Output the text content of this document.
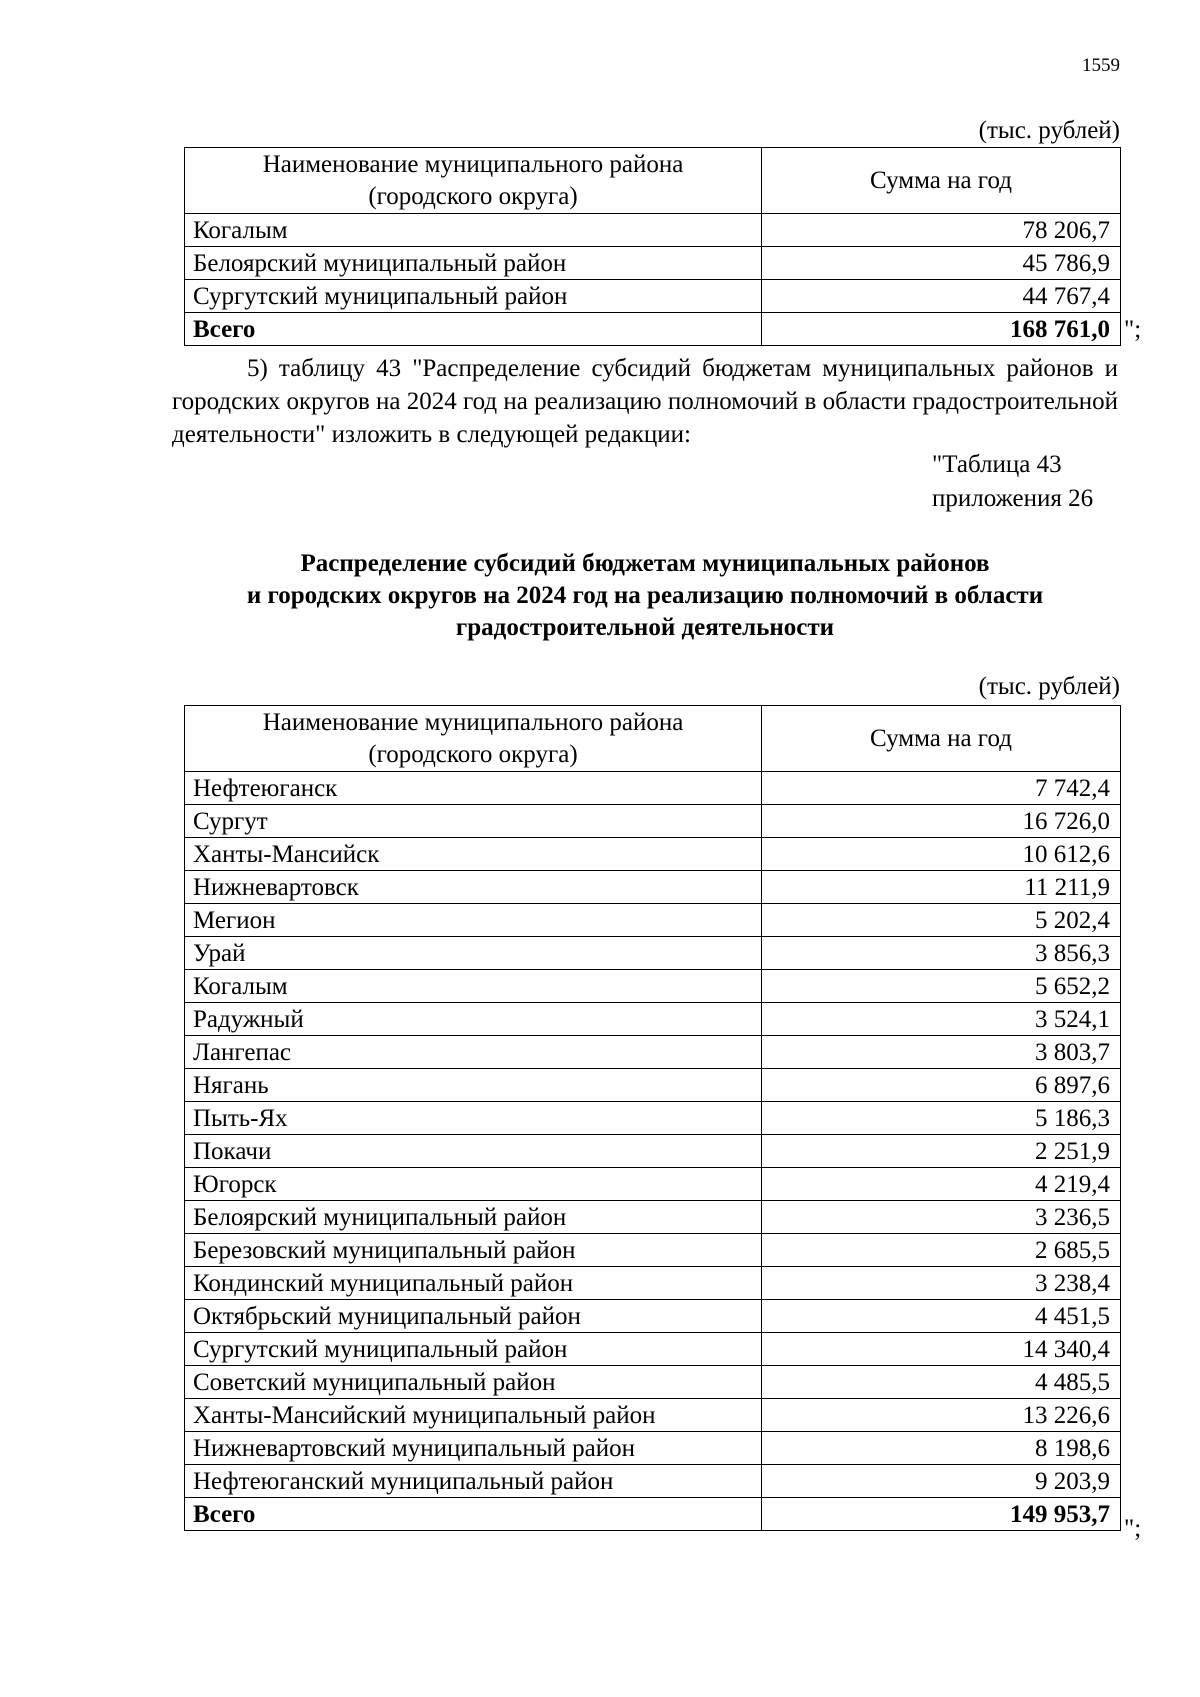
1559
(тыс. рублей)
Наименование муниципального района
(городского округа)	Сумма на год
Когалым	78 206,7
Белоярский муниципальный район	45 786,9
Сургутский муниципальный район	44 767,4
Всего	168 761,0 ";
5) таблицу 43 "Распределение субсидий бюджетам муниципальных районов и городских округов на 2024 год на реализацию полномочий в области градостроительной деятельности" изложить в следующей редакции:
"Таблица 43
приложения 26
Распределение субсидий бюджетам муниципальных районов
и городских округов на 2024 год на реализацию полномочий в области
градостроительной деятельности
(тыс. рублей)
Наименование муниципального района
(городского округа)	Сумма на год
Нефтеюганск	7 742,4
Сургут	16 726,0
Ханты-Мансийск	10 612,6
Нижневартовск	11 211,9
Мегион	5 202,4
Урай	3 856,3
Когалым	5 652,2
Радужный	3 524,1
Лангепас	3 803,7
Нягань	6 897,6
Пыть-Ях	5 186,3
Покачи	2 251,9
Югорск	4 219,4
Белоярский муниципальный район	3 236,5
Березовский муниципальный район	2 685,5
Кондинский муниципальный район	3 238,4
Октябрьский муниципальный район	4 451,5
Сургутский муниципальный район	14 340,4
Советский муниципальный район	4 485,5
Ханты-Мансийский муниципальный район	13 226,6
Нижневартовский муниципальный район	8 198,6
Нефтеюганский муниципальный район	9 203,9
Всего	149 953,7
";
